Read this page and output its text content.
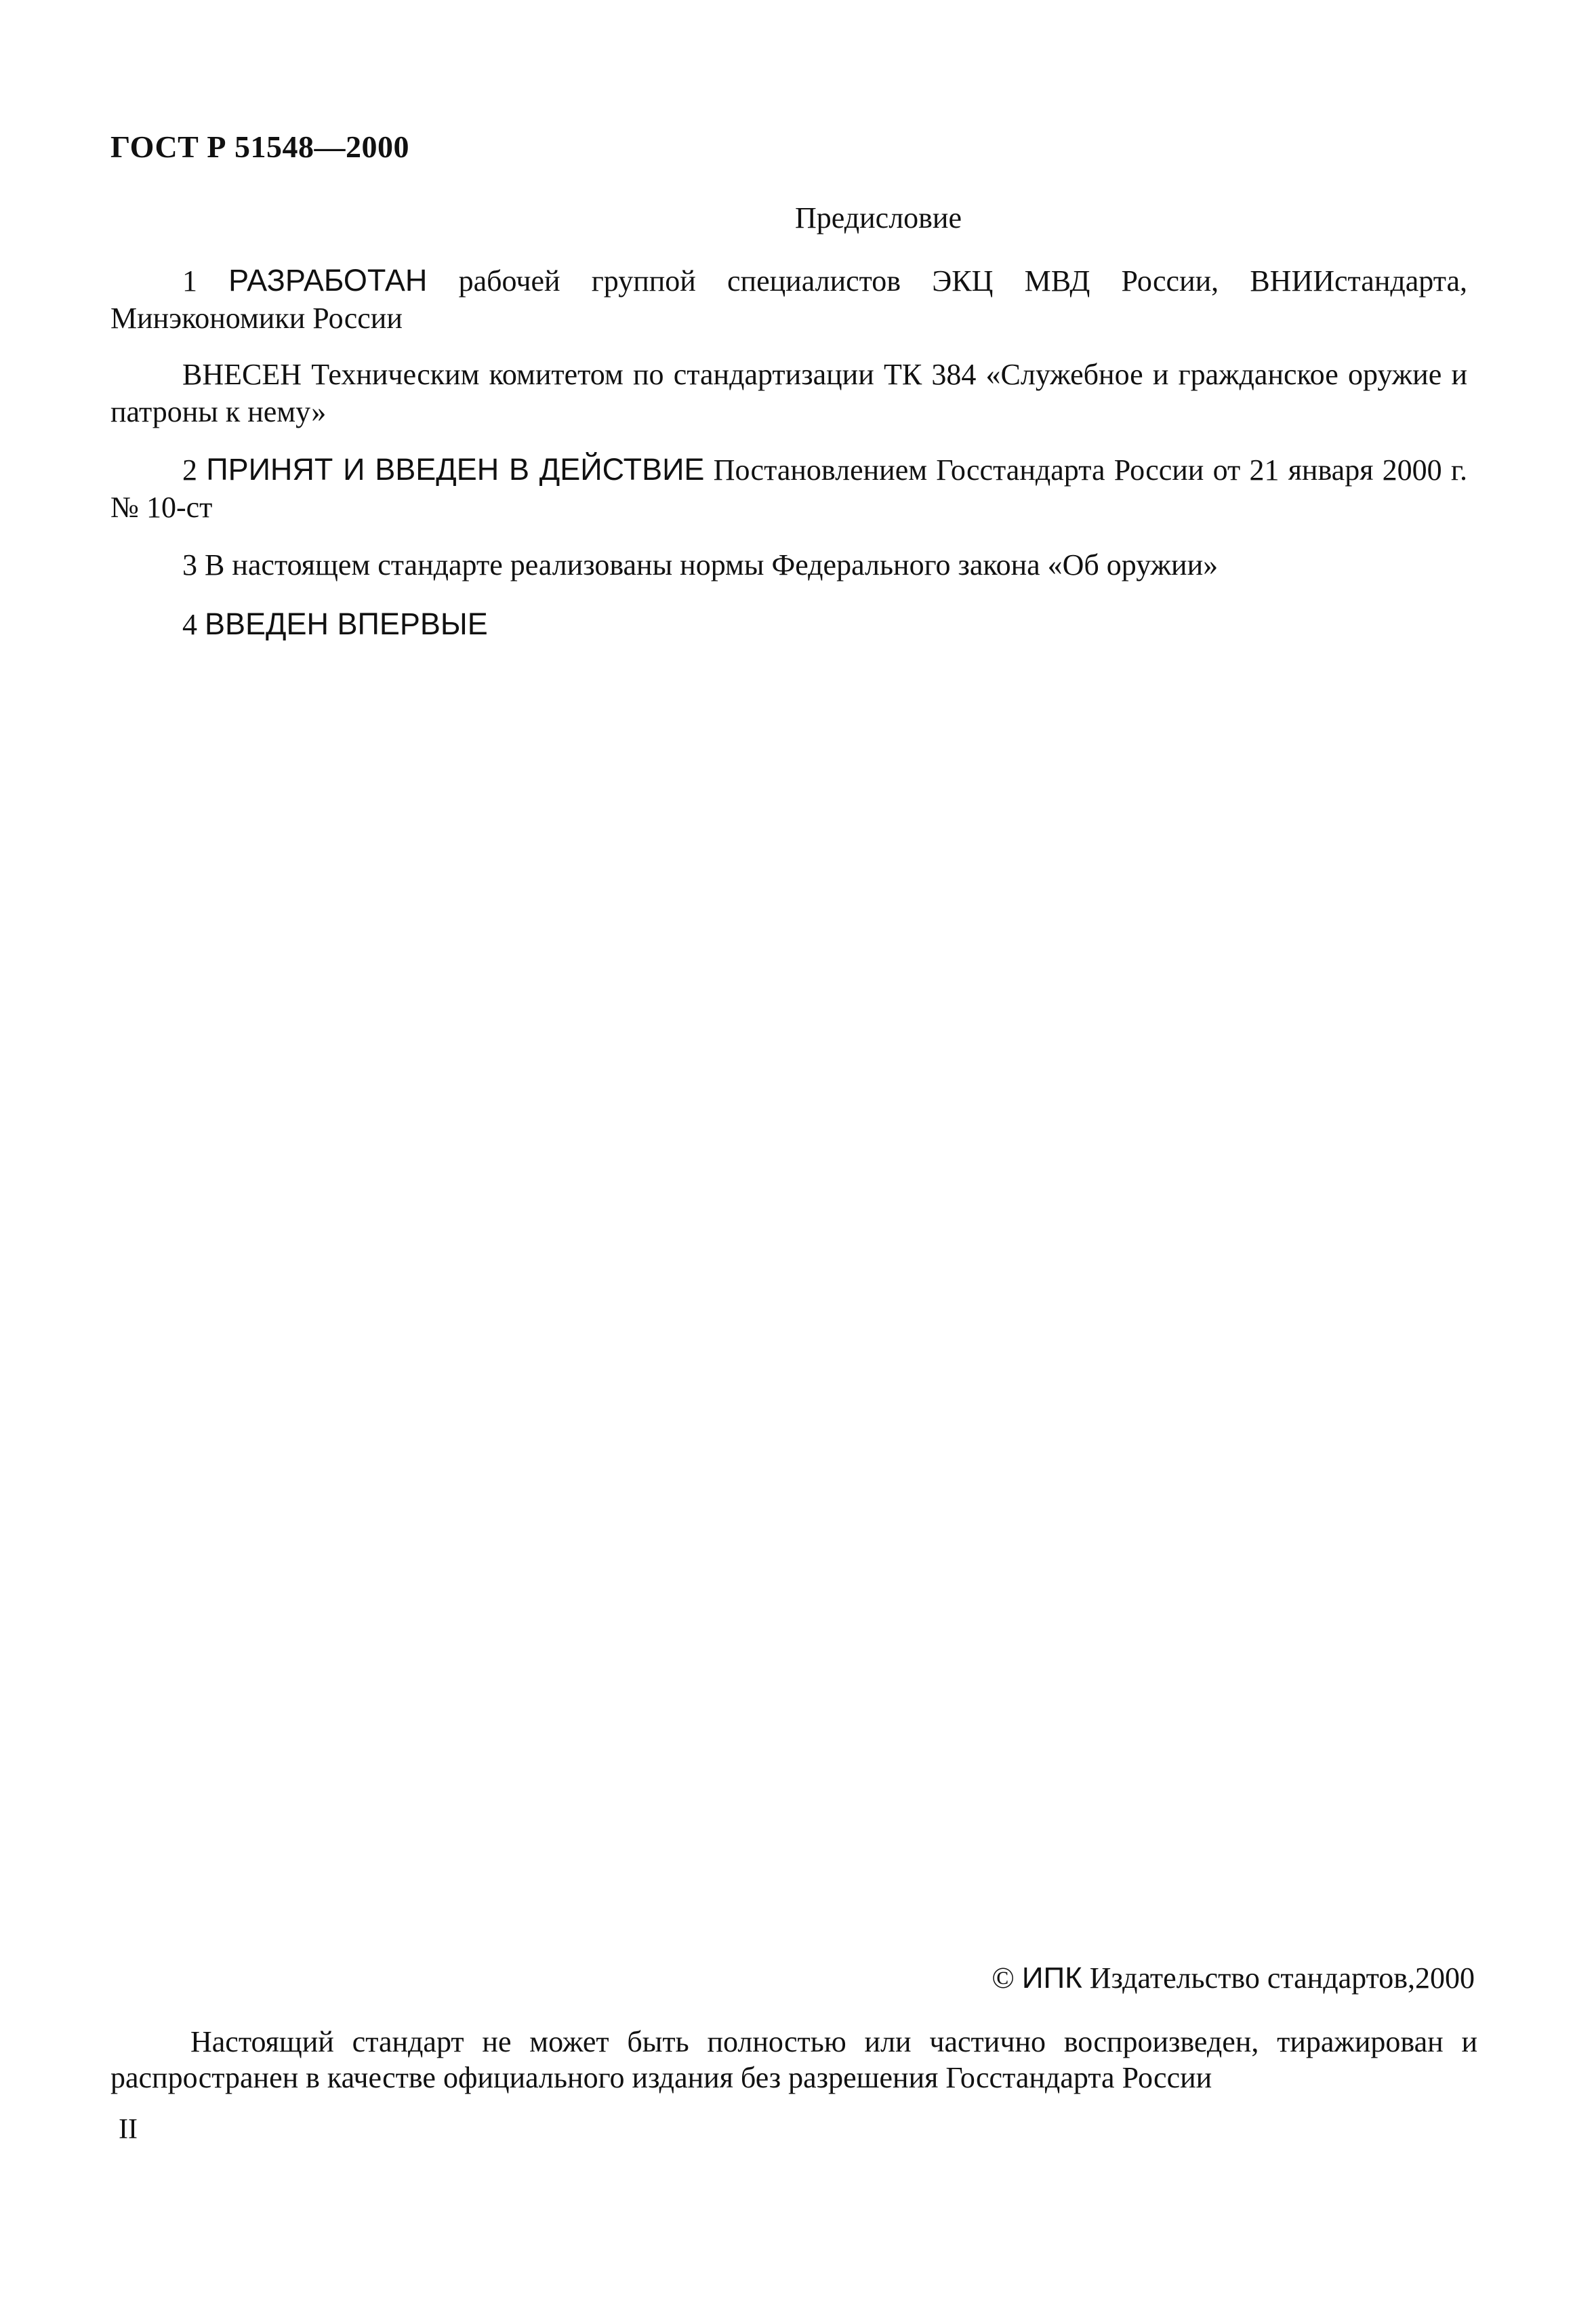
ГОСТ Р 51548—2000
Предисловие
1 РАЗРАБОТАН рабочей группой специалистов ЭКЦ МВД России, ВНИИстандарта, Минэкономики России
ВНЕСЕН Техническим комитетом по стандартизации ТК 384 «Служебное и гражданское оружие и патроны к нему»
2 ПРИНЯТ И ВВЕДЕН В ДЕЙСТВИЕ Постановлением Госстандарта России от 21 января 2000 г. № 10-ст
3 В настоящем стандарте реализованы нормы Федерального закона «Об оружии»
4 ВВЕДЕН ВПЕРВЫЕ
© ИПК Издательство стандартов,2000
Настоящий стандарт не может быть полностью или частично воспроизведен, тиражирован и распространен в качестве официального издания без разрешения Госстандарта России
II
